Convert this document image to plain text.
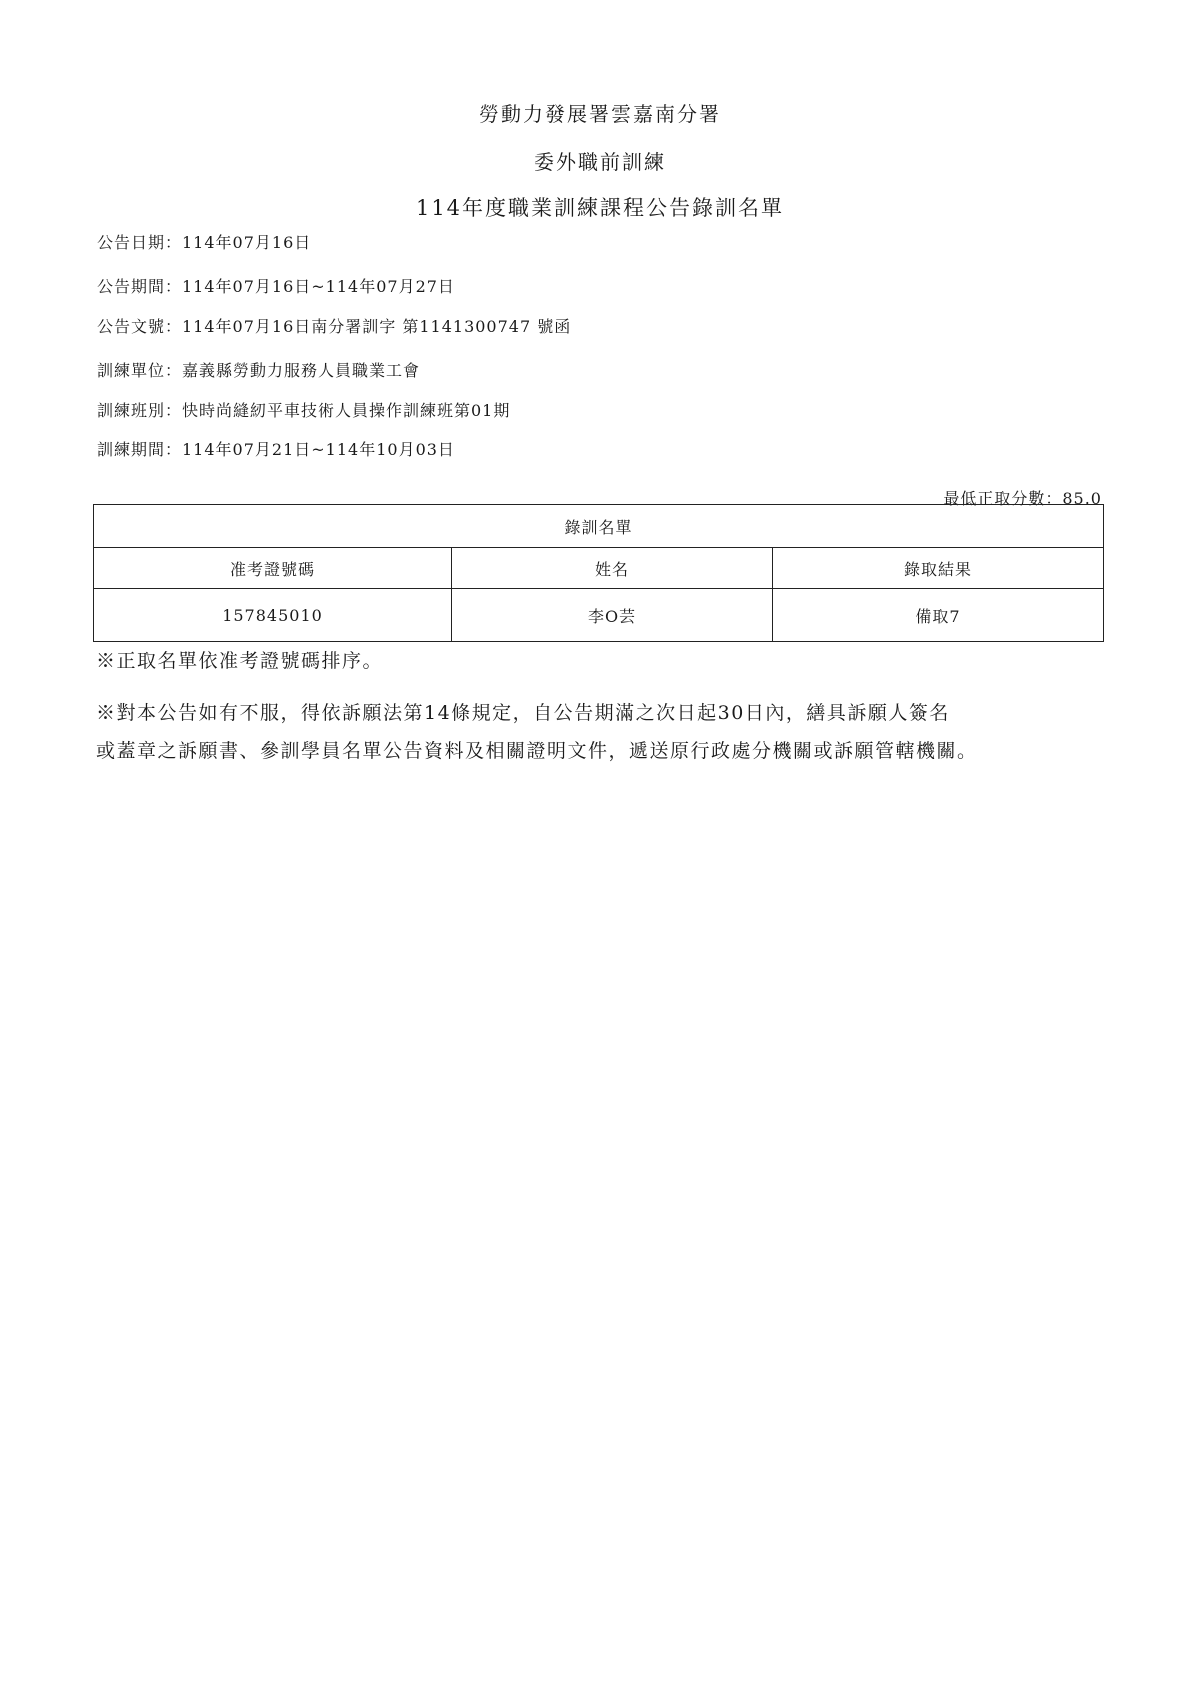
勞動力發展署雲嘉南分署
委外職前訓練
114年度職業訓練課程公告錄訓名單
公告日期：114年07月16日
公告期間：114年07月16日~114年07月27日
公告文號：114年07月16日南分署訓字 第1141300747 號函
訓練單位：嘉義縣勞動力服務人員職業工會
訓練班別：快時尚縫紉平車技術人員操作訓練班第01期
訓練期間：114年07月21日~114年10月03日
最低正取分數：85.0
錄訓名單		
准考證號碼	姓名	錄取結果
157845010	李O芸	備取7
※正取名單依准考證號碼排序。
※對本公告如有不服，得依訴願法第14條規定，自公告期滿之次日起30日內，繕具訴願人簽名
或蓋章之訴願書、參訓學員名單公告資料及相關證明文件，遞送原行政處分機關或訴願管轄機關。
